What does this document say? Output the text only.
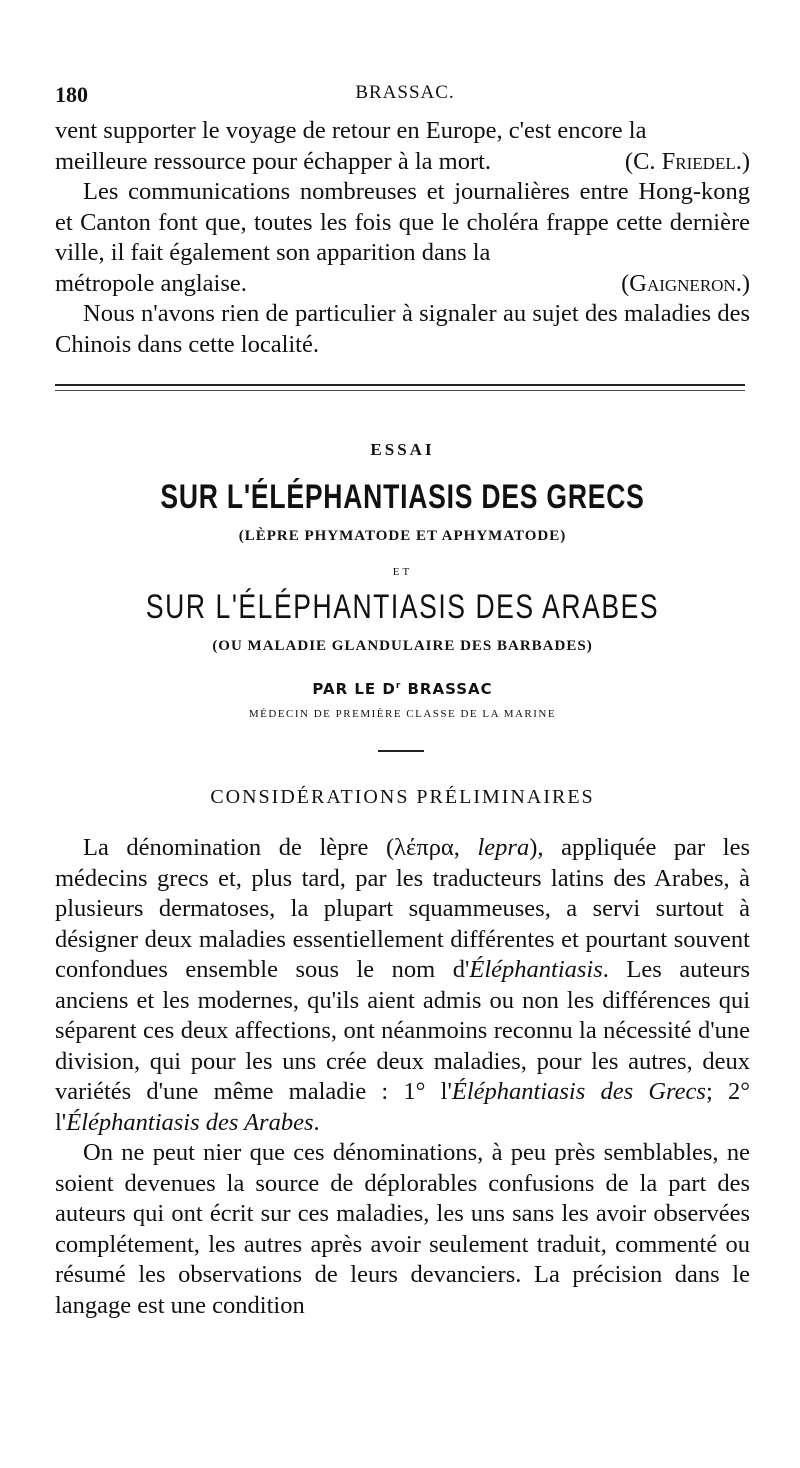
180	BRASSAC.

vent supporter le voyage de retour en Europe, c'est encore la

meilleure ressource pour échapper à la mort.	(C. Friedel.)

Les communications nombreuses et journalières entre Hong-kong et Canton font que, toutes les fois que le choléra frappe cette dernière ville, il fait également son apparition dans la

métropole anglaise.	(Gaigneron.)

Nous n'avons rien de particulier à signaler au sujet des maladies des Chinois dans cette localité.

ESSAI
SUR L'ÉLÉPHANTIASIS DES GRECS
(LÈPRE PHYMATODE ET APHYMATODE)
ET
SUR L'ÉLÉPHANTIASIS DES ARABES
(OU MALADIE GLANDULAIRE DES BARBADES)
PAR LE $D^r$ BRASSAC
MÉDECIN DE PREMIÈRE CLASSE DE LA MARINE
CONSIDÉRATIONS PRÉLIMINAIRES

La dénomination de lèpre (λέπρα, lepra), appliquée par les médecins grecs et, plus tard, par les traducteurs latins des Arabes, à plusieurs dermatoses, la plupart squammeuses, a servi surtout à désigner deux maladies essentiellement différentes et pourtant souvent confondues ensemble sous le nom d'Éléphantiasis. Les auteurs anciens et les modernes, qu'ils aient admis ou non les différences qui séparent ces deux affections, ont néanmoins reconnu la nécessité d'une division, qui pour les uns crée deux maladies, pour les autres, deux variétés d'une même maladie : 1° l'Éléphantiasis des Grecs; 2° l'Éléphantiasis des Arabes.

On ne peut nier que ces dénominations, à peu près semblables, ne soient devenues la source de déplorables confusions de la part des auteurs qui ont écrit sur ces maladies, les uns sans les avoir observées complétement, les autres après avoir seulement traduit, commenté ou résumé les observations de leurs devanciers. La précision dans le langage est une condition
